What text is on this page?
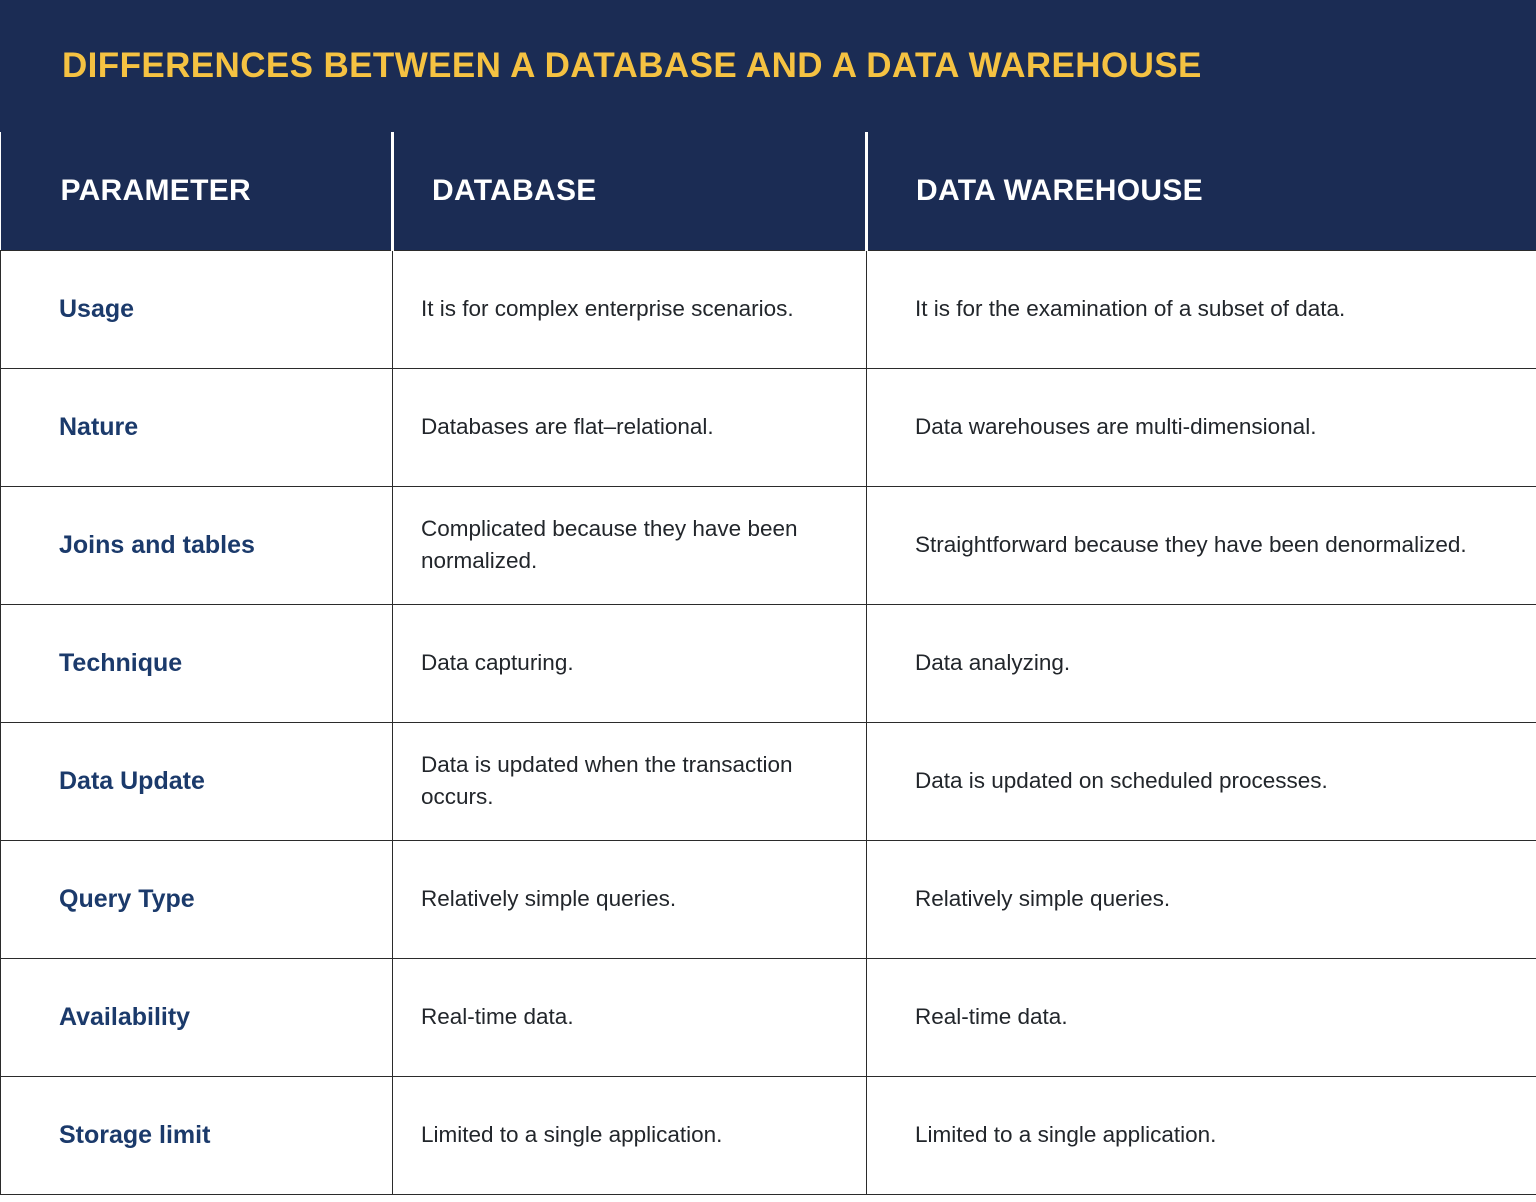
DIFFERENCES BETWEEN A DATABASE AND A DATA WAREHOUSE
PARAMETER	DATABASE	DATA WAREHOUSE
Usage	It is for complex enterprise scenarios.	It is for the examination of a subset of data.
Nature	Databases are flat–relational.	Data warehouses are multi-dimensional.
Joins and tables	Complicated because they have been normalized.	Straightforward because they have been denormalized.
Technique	Data capturing.	Data analyzing.
Data Update	Data is updated when the transaction occurs.	Data is updated on scheduled processes.
Query Type	Relatively simple queries.	Relatively simple queries.
Availability	Real-time data.	Real-time data.
Storage limit	Limited to a single application.	Limited to a single application.
